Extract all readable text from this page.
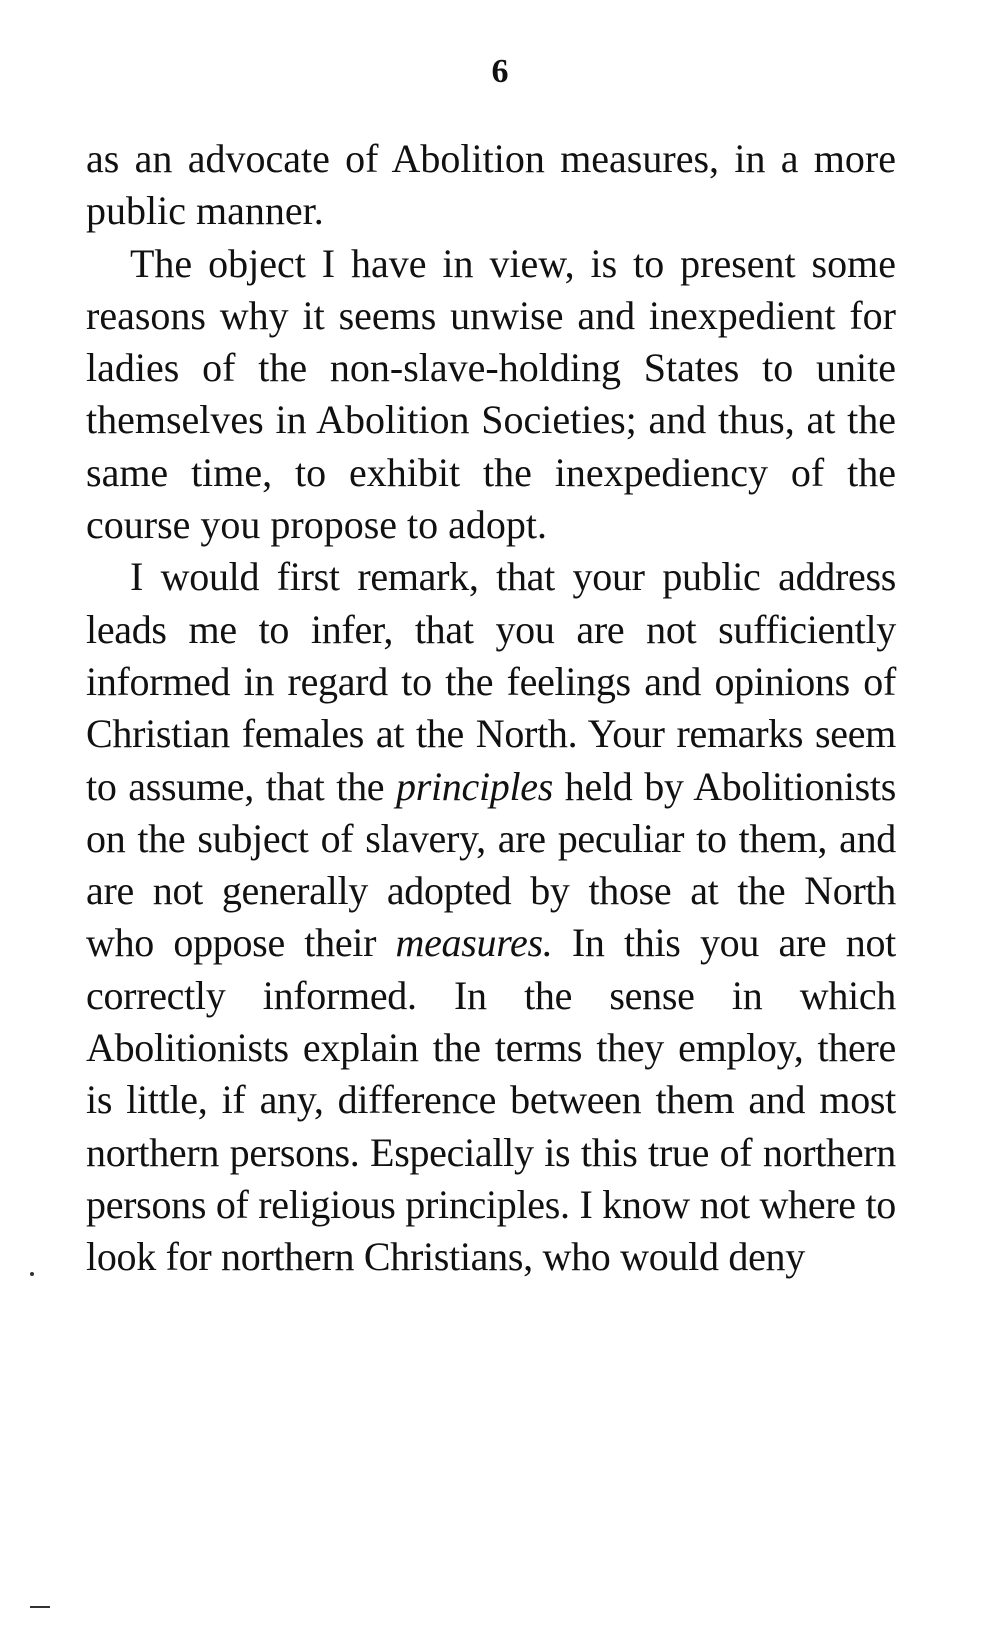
6

as an advocate of Abolition measures, in a more public manner.

The object I have in view, is to present some reasons why it seems unwise and inexpedient for ladies of the non-slave-holding States to unite themselves in Abolition Societies; and thus, at the same time, to exhibit the inexpediency of the course you propose to adopt.

I would first remark, that your public address leads me to infer, that you are not sufficiently informed in regard to the feelings and opinions of Christian females at the North. Your remarks seem to assume, that the principles held by Abolitionists on the subject of slavery, are peculiar to them, and are not generally adopted by those at the North who oppose their measures. In this you are not correctly informed. In the sense in which Abolitionists explain the terms they employ, there is little, if any, difference between them and most northern persons. Especially is this true of northern persons of religious principles. I know not where to look for northern Christians, who would deny
